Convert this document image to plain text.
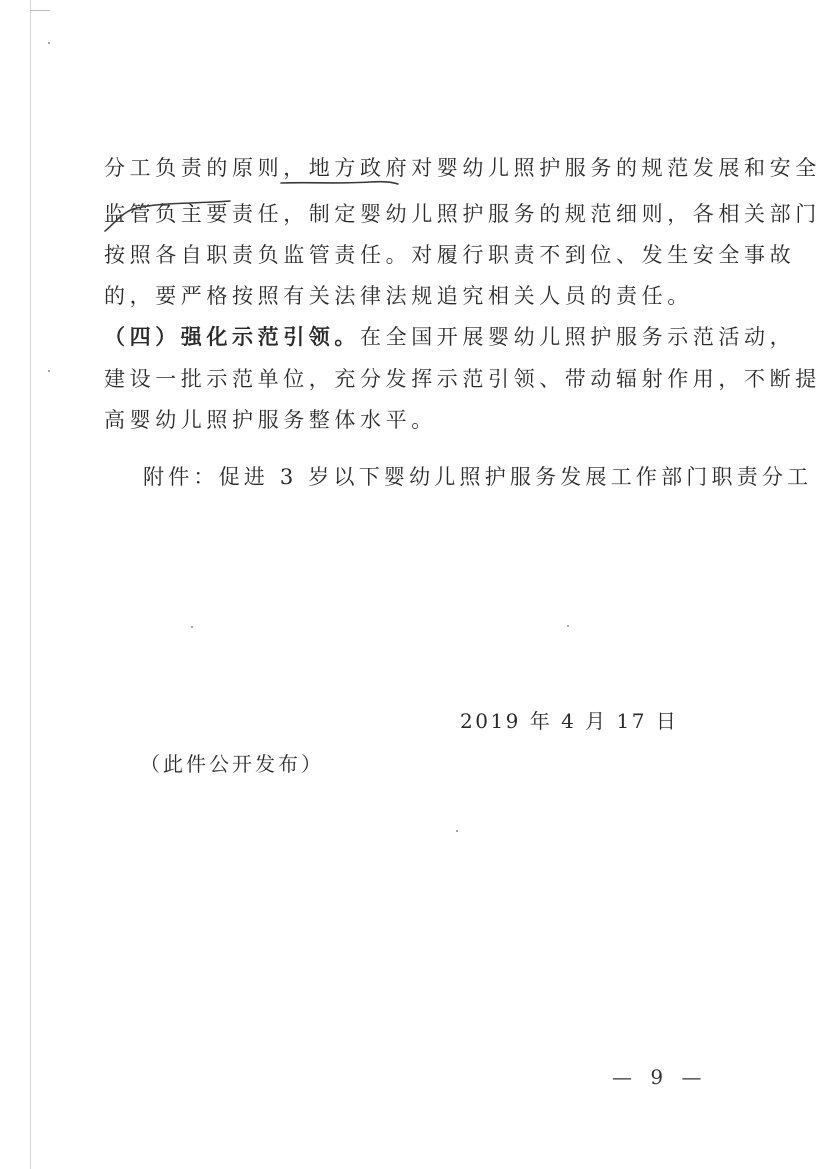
分工负责的原则，地方政府对婴幼儿照护服务的规范发展和安全
监管负主要责任，制定婴幼儿照护服务的规范细则，各相关部门
按照各自职责负监管责任。对履行职责不到位、发生安全事故
的，要严格按照有关法律法规追究相关人员的责任。
（四）强化示范引领。在全国开展婴幼儿照护服务示范活动，
建设一批示范单位，充分发挥示范引领、带动辐射作用，不断提
高婴幼儿照护服务整体水平。
附件：促进 3 岁以下婴幼儿照护服务发展工作部门职责分工
2019 年 4 月 17 日
（此件公开发布）
— 9 —
